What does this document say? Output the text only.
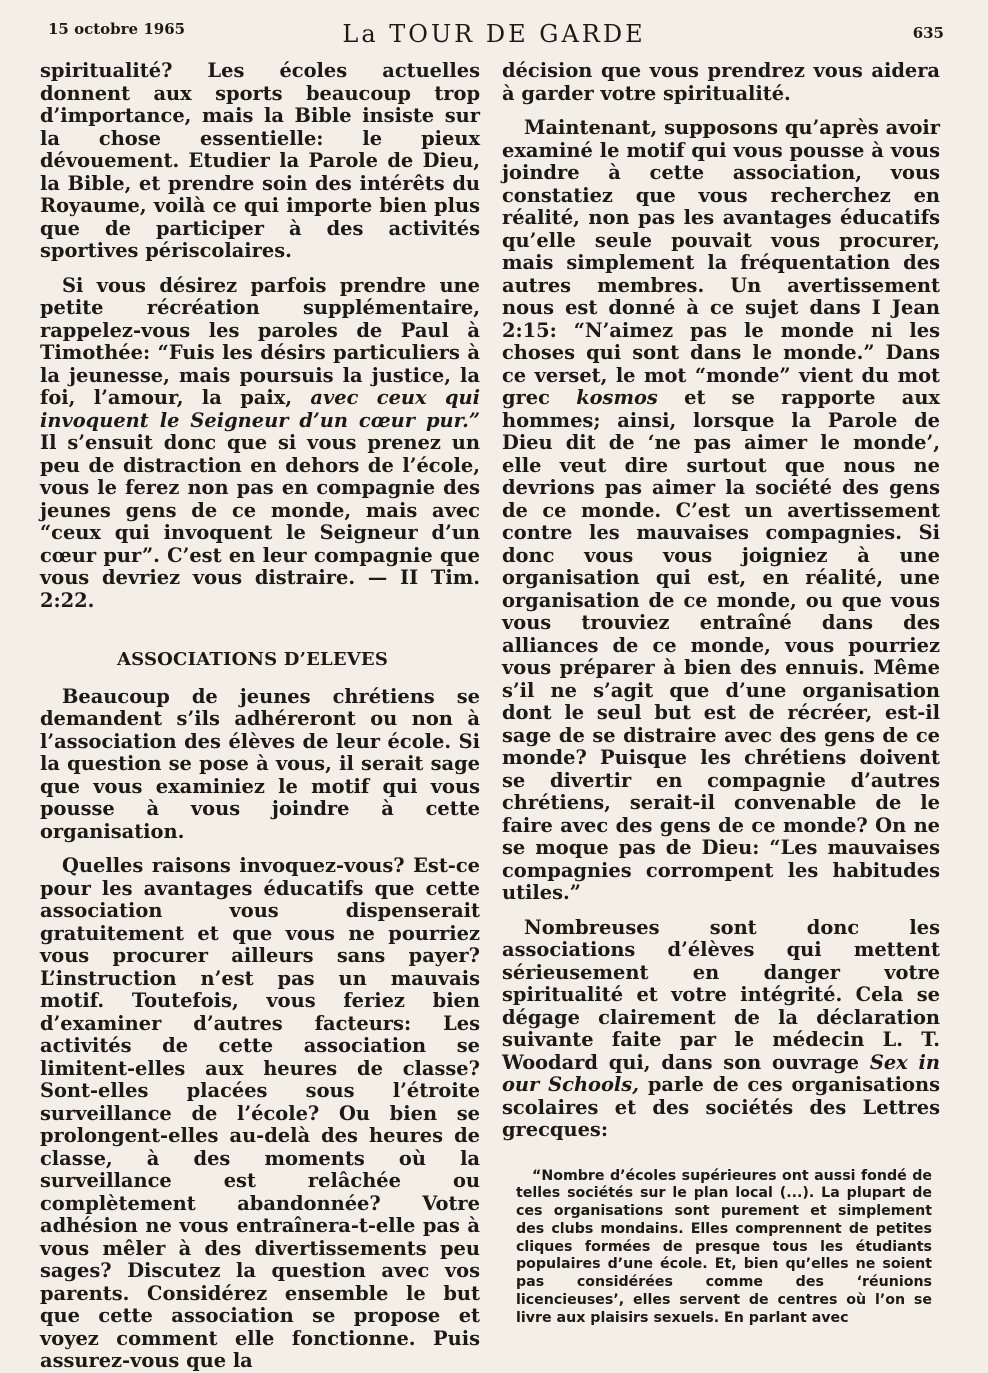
15 octobre 1965	La TOUR DE GARDE	635

spiritualité? Les écoles actuelles donnent aux sports beaucoup trop d’importance, mais la Bible insiste sur la chose essentielle: le pieux dévouement. Etudier la Parole de Dieu, la Bible, et prendre soin des intérêts du Royaume, voilà ce qui importe bien plus que de participer à des activités sportives périscolaires.

Si vous désirez parfois prendre une petite récréation supplémentaire, rappelez-vous les paroles de Paul à Timothée: “Fuis les désirs particuliers à la jeunesse, mais poursuis la justice, la foi, l’amour, la paix, avec ceux qui invoquent le Seigneur d’un cœur pur.” Il s’ensuit donc que si vous prenez un peu de distraction en dehors de l’école, vous le ferez non pas en compagnie des jeunes gens de ce monde, mais avec “ceux qui invoquent le Seigneur d’un cœur pur”. C’est en leur compagnie que vous devriez vous distraire. — II Tim. 2:22.

ASSOCIATIONS D’ELEVES

Beaucoup de jeunes chrétiens se demandent s’ils adhéreront ou non à l’association des élèves de leur école. Si la question se pose à vous, il serait sage que vous examiniez le motif qui vous pousse à vous joindre à cette organisation.

Quelles raisons invoquez-vous? Est-ce pour les avantages éducatifs que cette association vous dispenserait gratuitement et que vous ne pourriez vous procurer ailleurs sans payer? L’instruction n’est pas un mauvais motif. Toutefois, vous feriez bien d’examiner d’autres facteurs: Les activités de cette association se limitent-elles aux heures de classe? Sont-elles placées sous l’étroite surveillance de l’école? Ou bien se prolongent-elles au-delà des heures de classe, à des moments où la surveillance est relâchée ou complètement abandonnée? Votre adhésion ne vous entraînera-t-elle pas à vous mêler à des divertissements peu sages? Discutez la question avec vos parents. Considérez ensemble le but que cette association se propose et voyez comment elle fonctionne. Puis assurez-vous que la

décision que vous prendrez vous aidera à garder votre spiritualité.

Maintenant, supposons qu’après avoir examiné le motif qui vous pousse à vous joindre à cette association, vous constatiez que vous recherchez en réalité, non pas les avantages éducatifs qu’elle seule pouvait vous procurer, mais simplement la fréquentation des autres membres. Un avertissement nous est donné à ce sujet dans I Jean 2:15: “N’aimez pas le monde ni les choses qui sont dans le monde.” Dans ce verset, le mot “monde” vient du mot grec kosmos et se rapporte aux hommes; ainsi, lorsque la Parole de Dieu dit de ‘ne pas aimer le monde’, elle veut dire surtout que nous ne devrions pas aimer la société des gens de ce monde. C’est un avertissement contre les mauvaises compagnies. Si donc vous vous joigniez à une organisation qui est, en réalité, une organisation de ce monde, ou que vous vous trouviez entraîné dans des alliances de ce monde, vous pourriez vous préparer à bien des ennuis. Même s’il ne s’agit que d’une organisation dont le seul but est de récréer, est-il sage de se distraire avec des gens de ce monde? Puisque les chrétiens doivent se divertir en compagnie d’autres chrétiens, serait-il convenable de le faire avec des gens de ce monde? On ne se moque pas de Dieu: “Les mauvaises compagnies corrompent les habitudes utiles.”

Nombreuses sont donc les associations d’élèves qui mettent sérieusement en danger votre spiritualité et votre intégrité. Cela se dégage clairement de la déclaration suivante faite par le médecin L. T. Woodard qui, dans son ouvrage Sex in our Schools, parle de ces organisations scolaires et des sociétés des Lettres grecques:

“Nombre d’écoles supérieures ont aussi fondé de telles sociétés sur le plan local (...). La plupart de ces organisations sont purement et simplement des clubs mondains. Elles comprennent de petites cliques formées de presque tous les étudiants populaires d’une école. Et, bien qu’elles ne soient pas considérées comme des ‘réunions licencieuses’, elles servent de centres où l’on se livre aux plaisirs sexuels. En parlant avec
